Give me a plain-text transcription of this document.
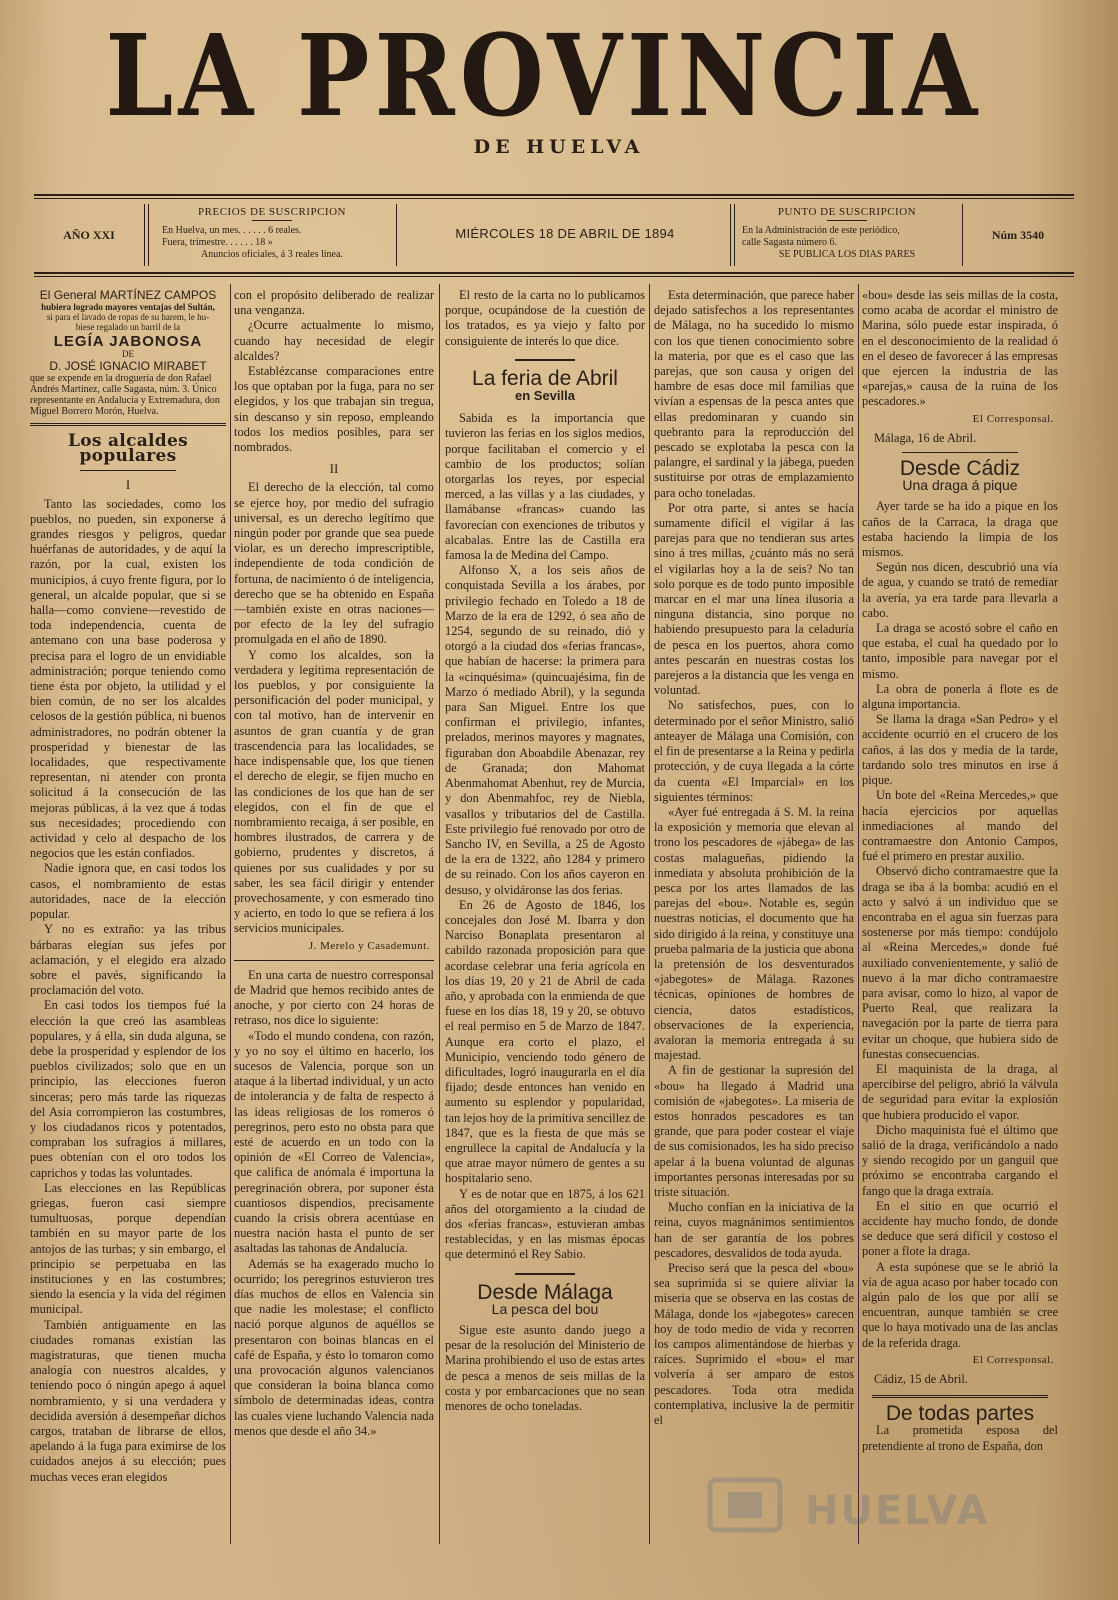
LA PROVINCIA
DE HUELVA
AÑO XXI
PRECIOS DE SUSCRIPCION
En Huelva, un mes. . . . . . 6 reales.
Fuera, trimestre. . . . . . 18 »
Anuncios oficiales, á 3 reales línea.
MIÉRCOLES 18 DE ABRIL DE 1894
PUNTO DE SUSCRIPCION
En la Administración de este periódico,
calle Sagasta número 6.
SE PUBLICA LOS DIAS PARES
Núm 3540
El General MARTÍNEZ CAMPOS
hubiera logrado mayores ventajas del Sultán,
si para el lavado de ropas de su harem, le hu-
biese regalado un barril de la
LEGÍA JABONOSA
DE
D. JOSÉ IGNACIO MIRABET
que se expende en la droguería de don Rafael Andrés Martínez, calle Sagasta, núm. 3. Único representante en Andalucía y Extremadura, don Miguel Borrero Morón, Huelva.
Los alcaldes populares
I

Tanto las sociedades, como los pueblos, no pueden, sin exponerse á grandes riesgos y peligros, quedar huérfanas de autoridades, y de aquí la razón, por la cual, existen los municipios, á cuyo frente figura, por lo general, un alcalde popular, que si se halla—como conviene—revestido de toda independencia, cuenta de antemano con una base poderosa y precisa para el logro de un envidiable administración; porque teniendo como tiene ésta por objeto, la utilidad y el bien común, de no ser los alcaldes celosos de la gestión pública, ni buenos administradores, no podrán obtener la prosperidad y bienestar de las localidades, que respectivamente representan, ni atender con pronta solicitud á la consecución de las mejoras públicas, á la vez que á todas sus necesidades; procediendo con actividad y celo al despacho de los negocios que les están confiados.

Nadie ignora que, en casi todos los casos, el nombramiento de estas autoridades, nace de la elección popular.

Y no es extraño: ya las tribus bárbaras elegían sus jefes por aclamación, y el elegido era alzado sobre el pavés, significando la proclamación del voto.

En casi todos los tiempos fué la elección la que creó las asambleas populares, y á ella, sin duda alguna, se debe la prosperidad y esplendor de los pueblos civilizados; solo que en un principio, las elecciones fueron sinceras; pero más tarde las riquezas del Asia corrompieron las costumbres, y los ciudadanos ricos y potentados, compraban los sufragios á millares, pues obtenían con el oro todos los caprichos y todas las voluntades.

Las elecciones en las Repúblicas griegas, fueron casi siempre tumultuosas, porque dependían también en su mayor parte de los antojos de las turbas; y sin embargo, el principio se perpetuaba en las instituciones y en las costumbres; siendo la esencia y la vida del régimen municipal.

También antiguamente en las ciudades romanas existían las magistraturas, que tienen mucha analogía con nuestros alcaldes, y teniendo poco ó ningún apego á aquel nombramiento, y si una verdadera y decidida aversión á desempeñar dichos cargos, trataban de librarse de ellos, apelando á la fuga para eximirse de los cuidados anejos á su elección; pues muchas veces eran elegidos

con el propósito deliberado de realizar una venganza.

¿Ocurre actualmente lo mismo, cuando hay necesidad de elegir alcaldes?

Establézcanse comparaciones entre los que optaban por la fuga, para no ser elegidos, y los que trabajan sin tregua, sin descanso y sin reposo, empleando todos los medios posibles, para ser nombrados.

II

El derecho de la elección, tal como se ejerce hoy, por medio del sufragio universal, es un derecho legítimo que ningún poder por grande que sea puede violar, es un derecho imprescriptible, independiente de toda condición de fortuna, de nacimiento ó de inteligencia, derecho que se ha obtenido en España—también existe en otras naciones—por efecto de la ley del sufragio promulgada en el año de 1890.

Y como los alcaldes, son la verdadera y legítima representación de los pueblos, y por consiguiente la personificación del poder municipal, y con tal motivo, han de intervenir en asuntos de gran cuantía y de gran trascendencia para las localidades, se hace indispensable que, los que tienen el derecho de elegir, se fijen mucho en las condiciones de los que han de ser elegidos, con el fin de que el nombramiento recaiga, á ser posible, en hombres ilustrados, de carrera y de gobierno, prudentes y discretos, á quienes por sus cualidades y por su saber, les sea fácil dirigir y entender provechosamente, y con esmerado tino y acierto, en todo lo que se refiera á los servicios municipales.

J. Merelo y Casademunt.

En una carta de nuestro corresponsal de Madrid que hemos recibido antes de anoche, y por cierto con 24 horas de retraso, nos dice lo siguiente:

«Todo el mundo condena, con razón, y yo no soy el último en hacerlo, los sucesos de Valencia, porque son un ataque á la libertad individual, y un acto de intolerancia y de falta de respecto á las ideas religiosas de los romeros ó peregrinos, pero esto no obsta para que esté de acuerdo en un todo con la opinión de «El Correo de Valencia», que califica de anómala é importuna la peregrinación obrera, por suponer ésta cuantiosos dispendios, precisamente cuando la crisis obrera acentúase en nuestra nación hasta el punto de ser asaltadas las tahonas de Andalucía.

Además se ha exagerado mucho lo ocurrido; los peregrinos estuvieron tres días muchos de ellos en Valencia sin que nadie les molestase; el conflicto nació porque algunos de aquéllos se presentaron con boinas blancas en el café de España, y ésto lo tomaron como una provocación algunos valencianos que consideran la boina blanca como símbolo de determinadas ideas, contra las cuales viene luchando Valencia nada menos que desde el año 34.»

El resto de la carta no lo publicamos porque, ocupándose de la cuestión de los tratados, es ya viejo y falto por consiguiente de interés lo que dice.

La feria de Abril
en Sevilla

Sabida es la importancia que tuvieron las ferias en los siglos medios, porque facilitaban el comercio y el cambio de los productos; solían otorgarlas los reyes, por especial merced, a las villas y a las ciudades, y llamábanse «francas» cuando las favorecían con exenciones de tributos y alcabalas. Entre las de Castilla era famosa la de Medina del Campo.

Alfonso X, a los seis años de conquistada Sevilla a los árabes, por privilegio fechado en Toledo a 18 de Marzo de la era de 1292, ó sea año de 1254, segundo de su reinado, dió y otorgó a la ciudad dos «ferias francas», que habían de hacerse: la primera para la «cinquésima» (quincuajésima, fin de Marzo ó mediado Abril), y la segunda para San Miguel. Entre los que confirman el privilegio, infantes, prelados, merinos mayores y magnates, figuraban don Aboabdile Abenazar, rey de Granada; don Mahomat Abenmahomat Abenhut, rey de Murcia, y don Abenmahfoc, rey de Niebla, vasallos y tributarios del de Castilla. Este privilegio fué renovado por otro de Sancho IV, en Sevilla, a 25 de Agosto de la era de 1322, año 1284 y primero de su reinado. Con los años cayeron en desuso, y olvidáronse las dos ferias.

En 26 de Agosto de 1846, los concejales don José M. Ibarra y don Narciso Bonaplata presentaron al cabildo razonada proposición para que acordase celebrar una feria agrícola en los días 19, 20 y 21 de Abril de cada año, y aprobada con la enmienda de que fuese en los días 18, 19 y 20, se obtuvo el real permiso en 5 de Marzo de 1847. Aunque era corto el plazo, el Municipio, venciendo todo género de dificultades, logró inaugurarla en el día fijado; desde entonces han venido en aumento su esplendor y popularidad, tan lejos hoy de la primitiva sencillez de 1847, que es la fiesta de que más se engrullece la capital de Andalucía y la que atrae mayor número de gentes a su hospitalario seno.

Y es de notar que en 1875, á los 621 años del otorgamiento a la ciudad de dos «ferias francas», estuvieran ambas restablecidas, y en las mismas épocas que determinó el Rey Sabio.

Desde Málaga
La pesca del bou

Sigue este asunto dando juego a pesar de la resolución del Ministerio de Marina prohibiendo el uso de estas artes de pesca a menos de seis millas de la costa y por embarcaciones que no sean menores de ocho toneladas.

Esta determinación, que parece haber dejado satisfechos a los representantes de Málaga, no ha sucedido lo mismo con los que tienen conocimiento sobre la materia, por que es el caso que las parejas, que son causa y origen del hambre de esas doce mil familias que vivían a espensas de la pesca antes que ellas predominaran y cuando sin quebranto para la reproducción del pescado se explotaba la pesca con la palangre, el sardinal y la jábega, pueden sustituirse por otras de emplazamiento para ocho toneladas.

Por otra parte, si antes se hacía sumamente difícil el vigilar á las parejas para que no tendieran sus artes sino á tres millas, ¿cuánto más no será el vigilarlas hoy a la de seis? No tan solo porque es de todo punto imposible marcar en el mar una línea ilusoria a ninguna distancia, sino porque no habiendo presupuesto para la celaduría de pesca en los puertos, ahora como antes pescarán en nuestras costas los parejeros a la distancia que les venga en voluntad.

No satisfechos, pues, con lo determinado por el señor Ministro, salió anteayer de Málaga una Comisión, con el fin de presentarse a la Reina y pedirla protección, y de cuya llegada a la córte da cuenta «El Imparcial» en los siguientes términos:

«Ayer fué entregada á S. M. la reina la exposición y memoria que elevan al trono los pescadores de «jábega» de las costas malagueñas, pidiendo la inmediata y absoluta prohibición de la pesca por los artes llamados de las parejas del «bou». Notable es, según nuestras noticias, el documento que ha sido dirigido á la reina, y constituye una prueba palmaria de la justicia que abona la pretensión de los desventurados «jabegotes» de Málaga. Razones técnicas, opiniones de hombres de ciencia, datos estadísticos, observaciones de la experiencia, avaloran la memoria entregada á su majestad.

A fin de gestionar la supresión del «bou» ha llegado á Madrid una comisión de «jabegotes». La miseria de estos honrados pescadores es tan grande, que para poder costear el viaje de sus comisionados, les ha sido preciso apelar á la buena voluntad de algunas importantes personas interesadas por su triste situación.

Mucho confían en la iniciativa de la reina, cuyos magnánimos sentimientos han de ser garantía de los pobres pescadores, desvalidos de toda ayuda.

Preciso será que la pesca del «bou» sea suprimida si se quiere aliviar la miseria que se observa en las costas de Málaga, donde los «jabegotes» carecen hoy de todo medio de vida y recorren los campos alimentándose de hierbas y raíces. Suprimido el «bou» el mar volvería á ser amparo de estos pescadores. Toda otra medida contemplativa, inclusive la de permitir el

«bou» desde las seis millas de la costa, como acaba de acordar el ministro de Marina, sólo puede estar inspirada, ó en el desconocimiento de la realidad ó en el deseo de favorecer á las empresas que ejercen la industria de las «parejas,» causa de la ruina de los pescadores.»

El Corresponsal.
Málaga, 16 de Abril.
Desde Cádiz
Una draga á pique

Ayer tarde se ha ido a pique en los caños de la Carraca, la draga que estaba haciendo la limpia de los mismos.

Según nos dicen, descubrió una vía de agua, y cuando se trató de remediar la avería, ya era tarde para llevarla a cabo.

La draga se acostó sobre el caño en que estaba, el cual ha quedado por lo tanto, imposible para navegar por el mismo.

La obra de ponerla á flote es de alguna importancia.

Se llama la draga «San Pedro» y el accidente ocurrió en el crucero de los caños, á las dos y media de la tarde, tardando solo tres minutos en irse á pique.

Un bote del «Reina Mercedes,» que hacía ejercicios por aquellas inmediaciones al mando del contramaestre don Antonio Campos, fué el primero en prestar auxilio.

Observó dicho contramaestre que la draga se iba á la bomba: acudió en el acto y salvó á un individuo que se encontraba en el agua sin fuerzas para sostenerse por más tiempo: condújolo al «Reina Mercedes,» donde fué auxiliado convenientemente, y salió de nuevo á la mar dicho contramaestre para avisar, como lo hizo, al vapor de Puerto Real, que realizara la navegación por la parte de tierra para evitar un choque, que hubiera sido de funestas consecuencias.

El maquinista de la draga, al apercibirse del peligro, abrió la válvula de seguridad para evitar la explosión que hubiera producido el vapor.

Dicho maquinista fué el último que salió de la draga, verificándolo a nado y siendo recogido por un ganguil que próximo se encontraba cargando el fango que la draga extraía.

En el sitio en que ocurrió el accidente hay mucho fondo, de donde se deduce que será difícil y costoso el poner a flote la draga.

A esta supónese que se le abrió la vía de agua acaso por haber tocado con algún palo de los que por allí se encuentran, aunque también se cree que lo haya motivado una de las anclas de la referida draga.

El Corresponsal.
Cádiz, 15 de Abril.
De todas partes

La prometida esposa del pretendiente al trono de España, don

HUELVA
